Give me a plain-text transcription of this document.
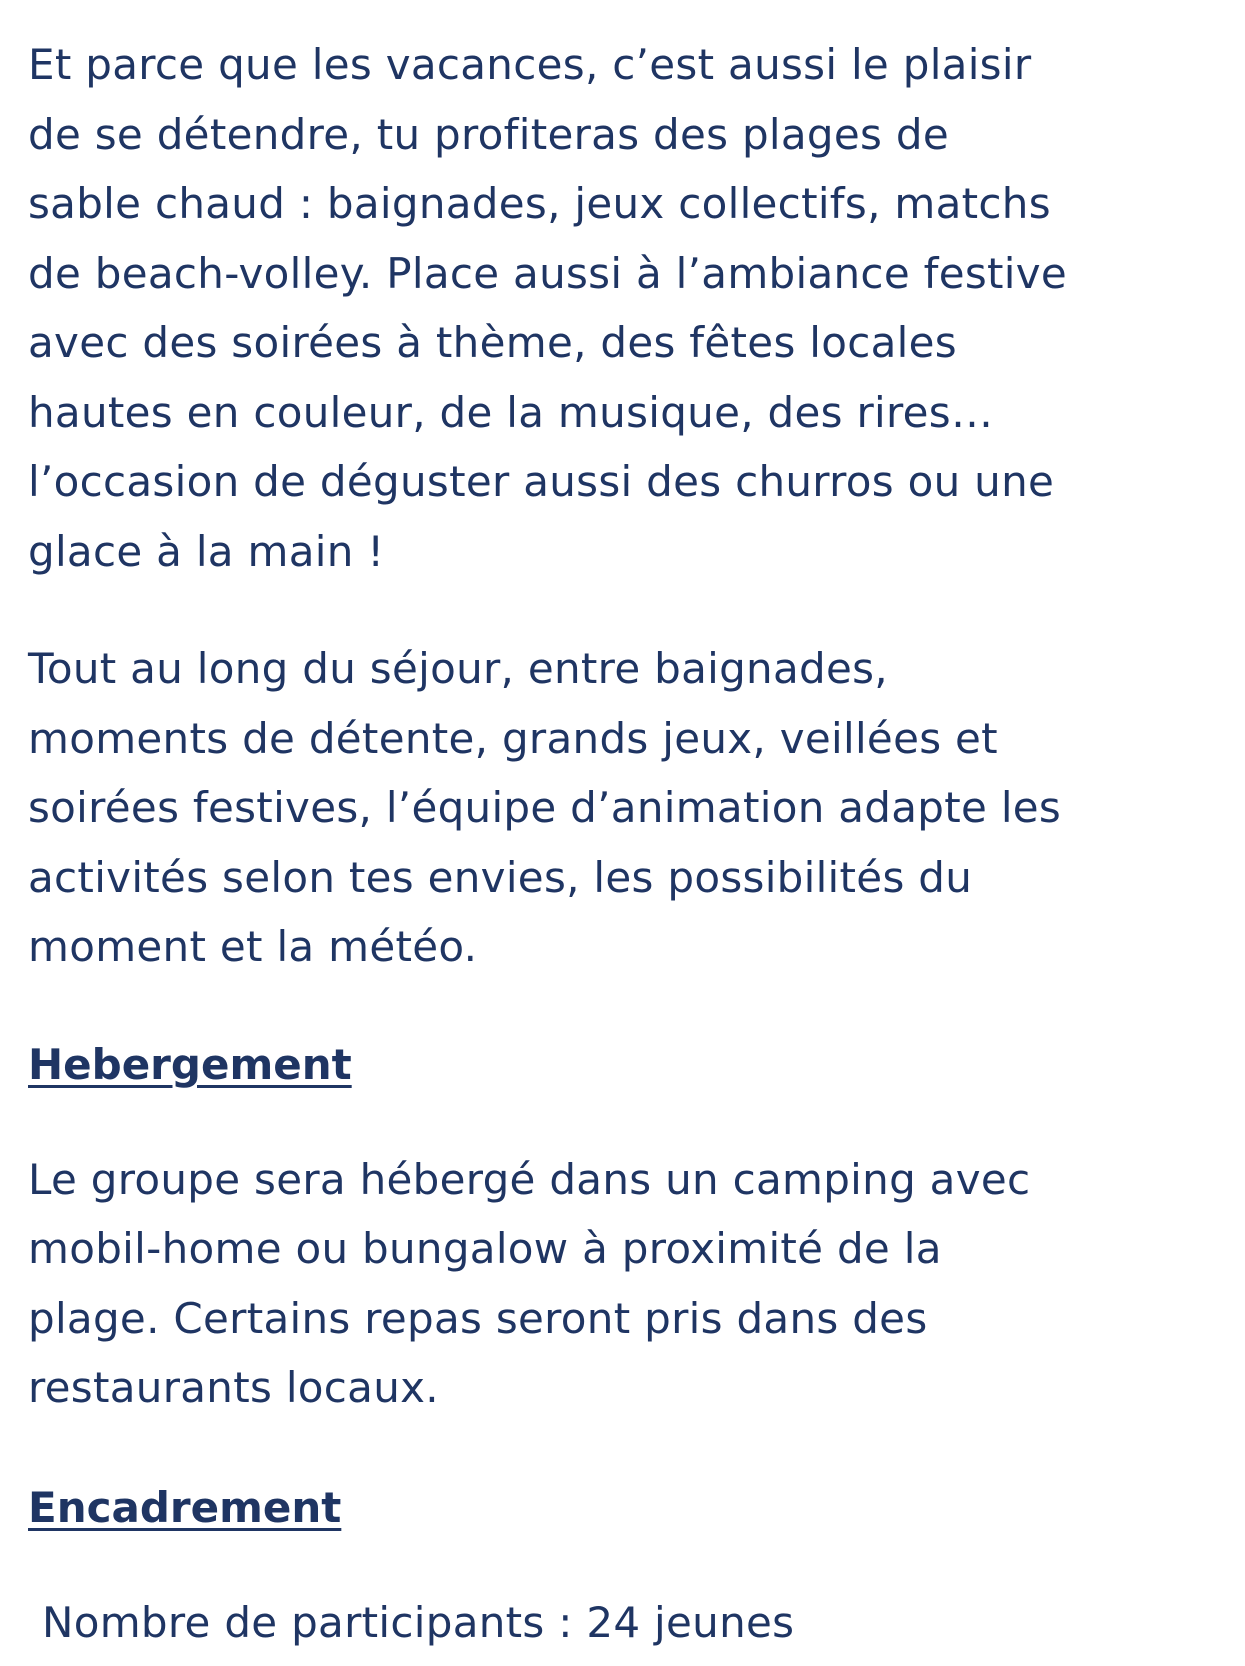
Et parce que les vacances, c’est aussi le plaisir
de se détendre, tu profiteras des plages de
sable chaud : baignades, jeux collectifs, matchs
de beach-volley. Place aussi à l’ambiance festive
avec des soirées à thème, des fêtes locales
hautes en couleur, de la musique, des rires…
l’occasion de déguster aussi des churros ou une
glace à la main !

Tout au long du séjour, entre baignades,
moments de détente, grands jeux, veillées et
soirées festives, l’équipe d’animation adapte les
activités selon tes envies, les possibilités du
moment et la météo.

Hebergement

Le groupe sera hébergé dans un camping avec
mobil-home ou bungalow à proximité de la
plage. Certains repas seront pris dans des
restaurants locaux.

Encadrement

Nombre de participants : 24 jeunes
